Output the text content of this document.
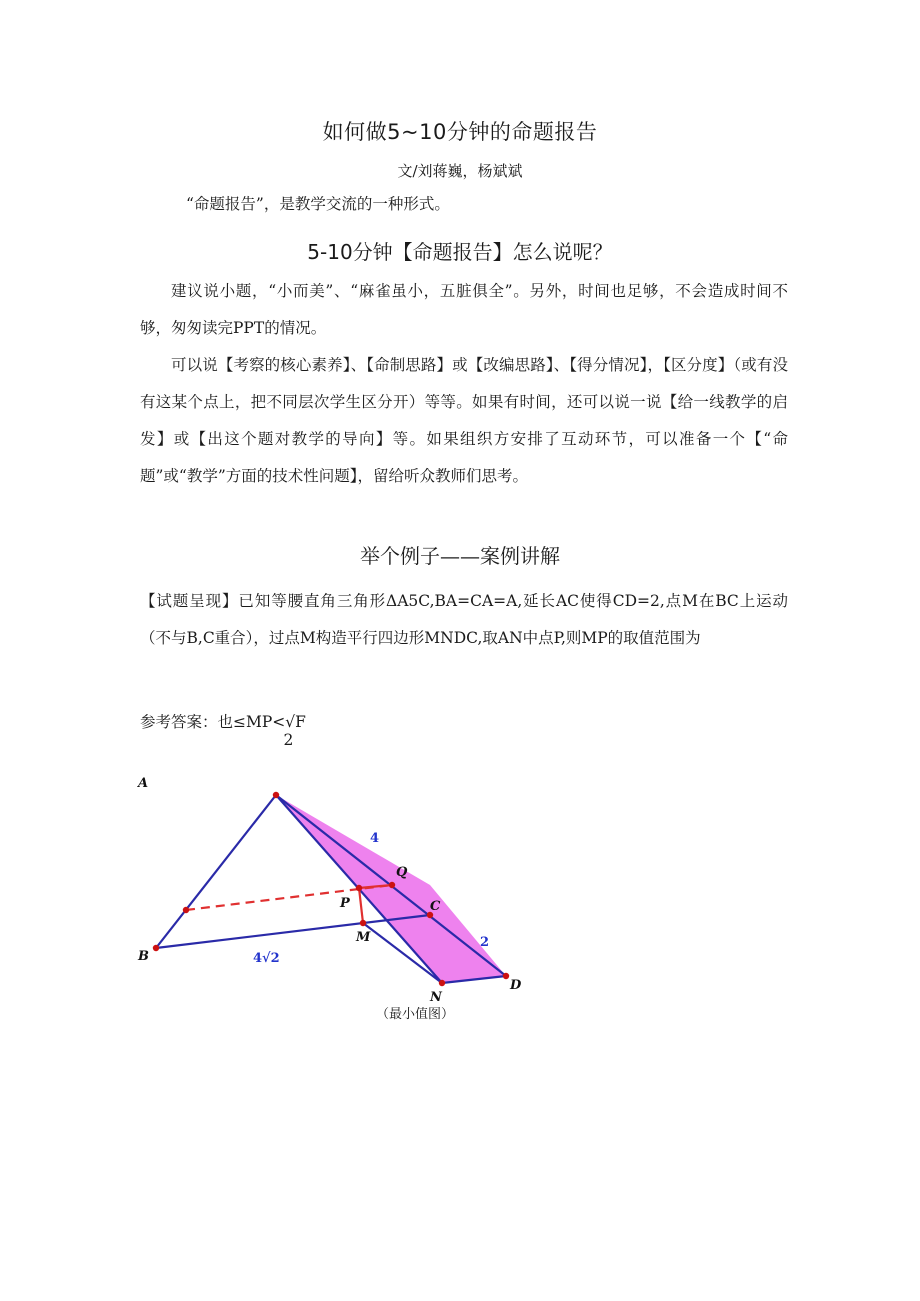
如何做5~10分钟的命题报告
文/刘蒋巍，杨斌斌
“命题报告”，是教学交流的一种形式。
5-10分钟【命题报告】怎么说呢？
建议说小题，“小而美”、“麻雀虽小，五脏俱全”。另外，时间也足够，不会造成时间不够，匆匆读完PPT的情况。
可以说【考察的核心素养】、【命制思路】或【改编思路】、【得分情况】，【区分度】（或有没有这某个点上，把不同层次学生区分开）等等。如果有时间，还可以说一说【给一线教学的启发】或【出这个题对教学的导向】等。如果组织方安排了互动环节，可以准备一个【“命题”或“教学”方面的技术性问题】，留给听众教师们思考。
举个例子——案例讲解
【试题呈现】已知等腰直角三角形ΔA5C,BA=CA=A,延长AC使得CD=2,点M在BC上运动（不与B,C重合），过点M构造平行四边形MNDC,取AN中点P,则MP的取值范围为
参考答案：也≤MP<√F
2
A
B
C
D
M
N
P
Q
4
2
4√2
（最小值图）
